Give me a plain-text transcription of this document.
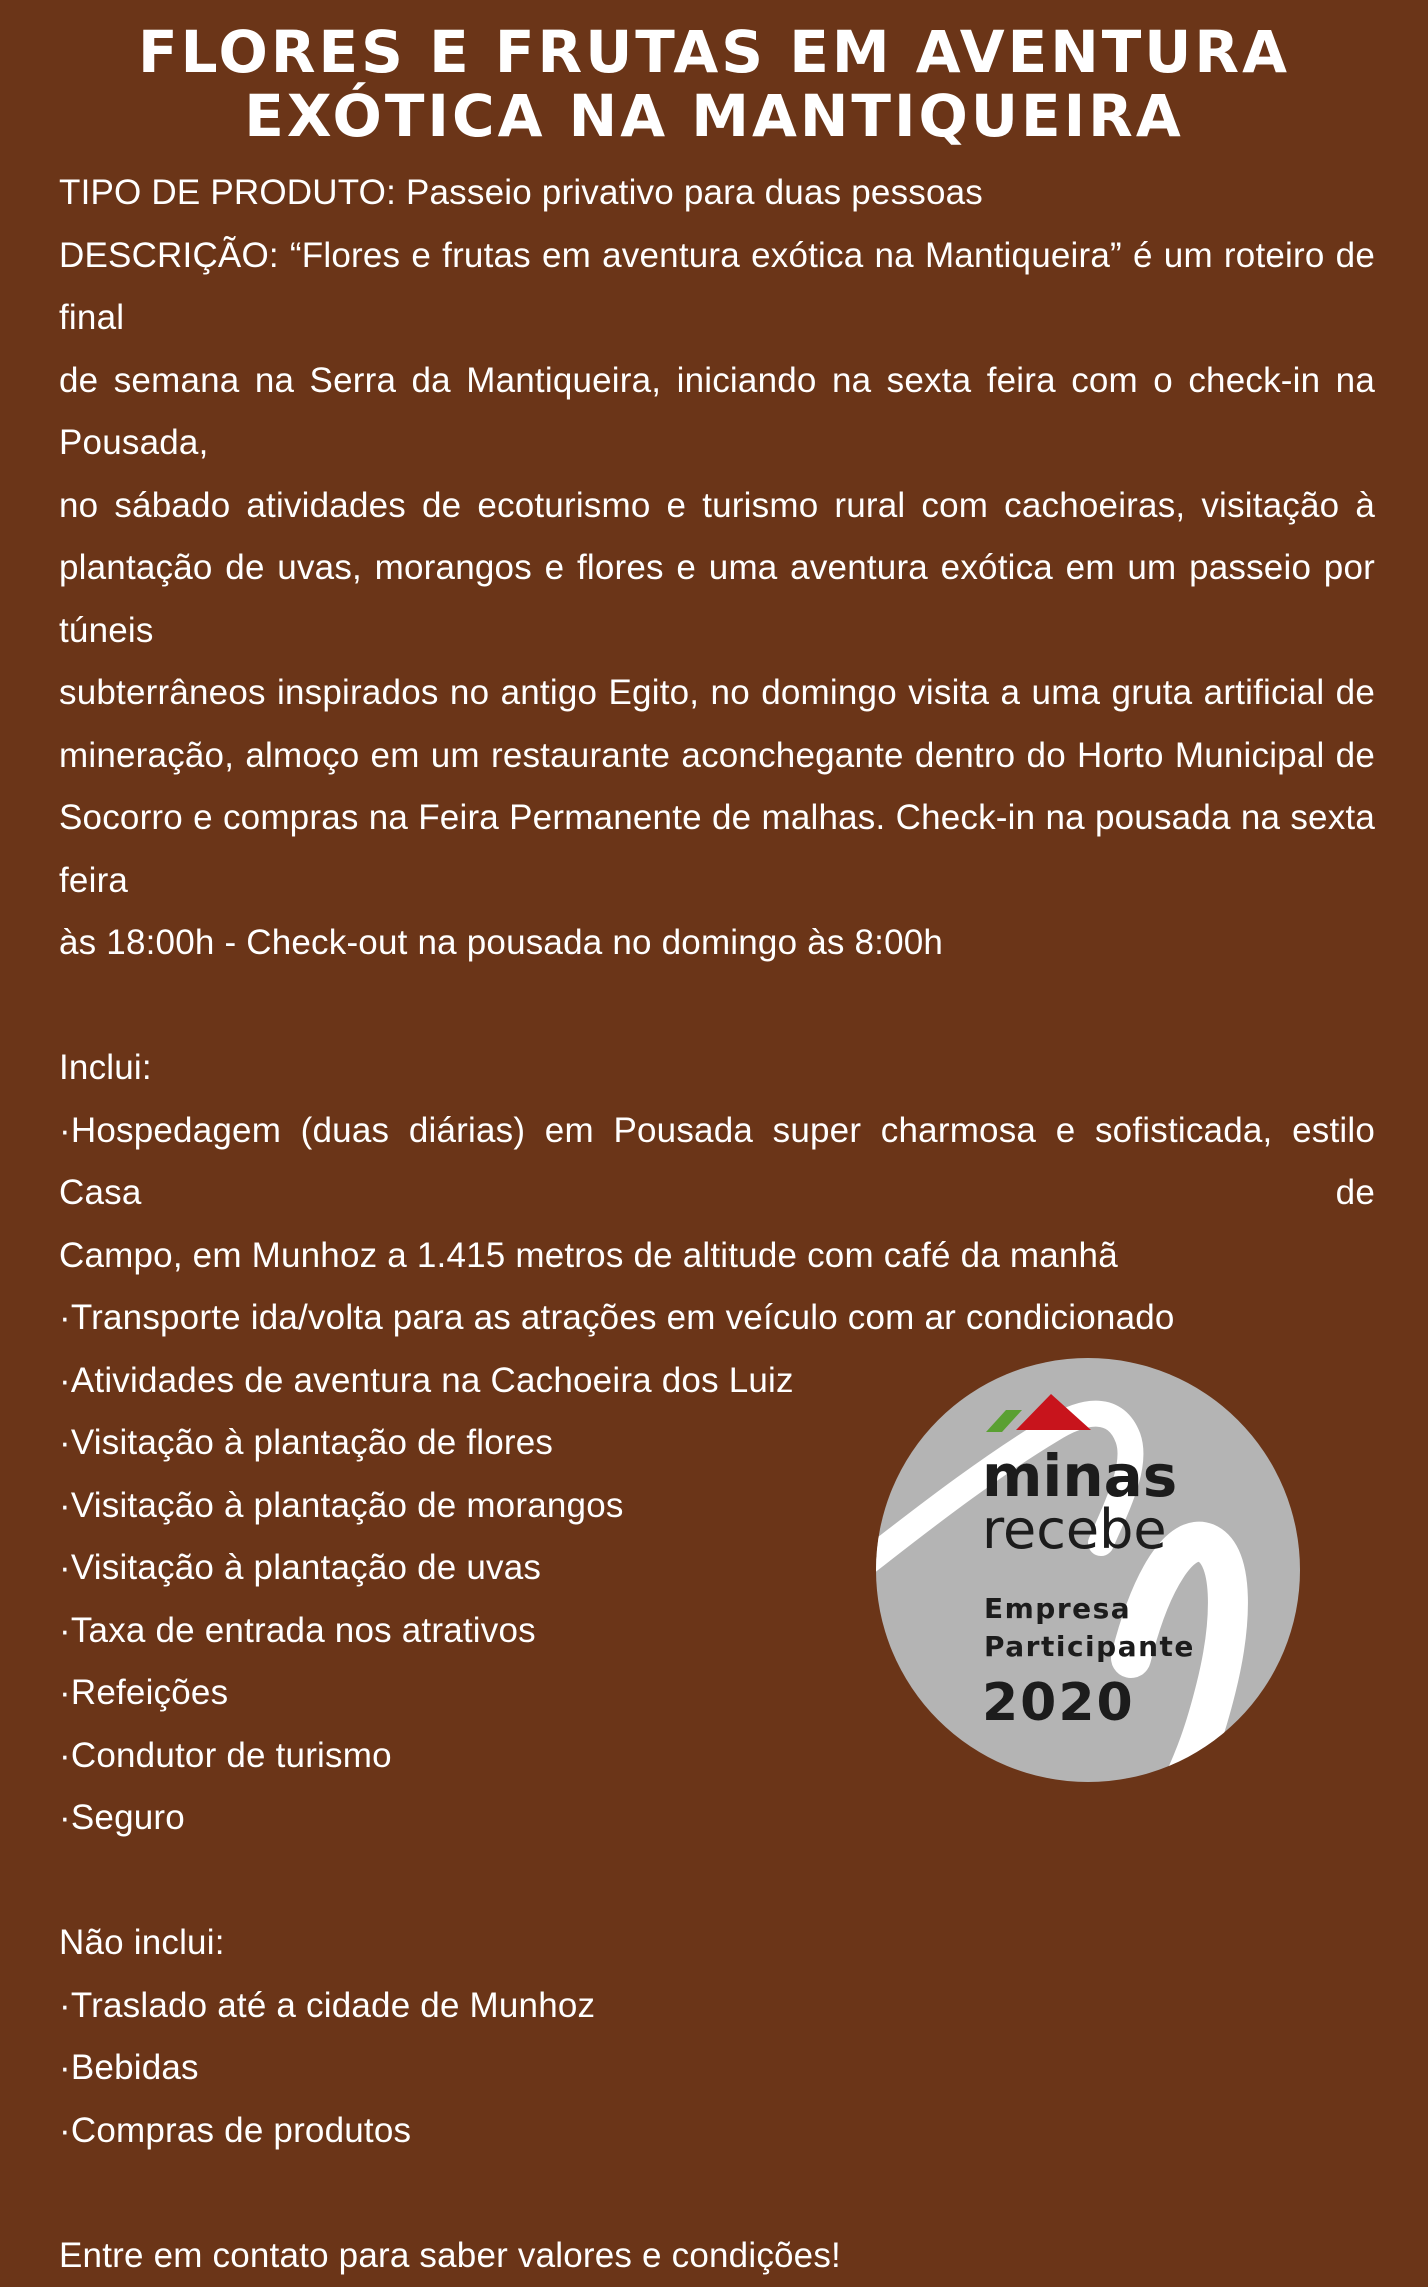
FLORES E FRUTAS EM AVENTURA
EXÓTICA NA MANTIQUEIRA
TIPO DE PRODUTO: Passeio privativo para duas pessoas
DESCRIÇÃO: “Flores e frutas em aventura exótica na Mantiqueira” é um roteiro de final
de semana na Serra da Mantiqueira, iniciando na sexta feira com o check-in na Pousada,
no sábado atividades de ecoturismo e turismo rural com cachoeiras, visitação à
plantação de uvas, morangos e flores e uma aventura exótica em um passeio por túneis
subterrâneos inspirados no antigo Egito, no domingo visita a uma gruta artificial de
mineração, almoço em um restaurante aconchegante dentro do Horto Municipal de
Socorro e compras na Feira Permanente de malhas. Check-in na pousada na sexta feira
às 18:00h - Check-out na pousada no domingo às 8:00h
Inclui:
·Hospedagem (duas diárias) em Pousada super charmosa e sofisticada, estilo Casa de
Campo, em Munhoz a 1.415 metros de altitude com café da manhã
·Transporte ida/volta para as atrações em veículo com ar condicionado
·Atividades de aventura na Cachoeira dos Luiz
·Visitação à plantação de flores
·Visitação à plantação de morangos
·Visitação à plantação de uvas
·Taxa de entrada nos atrativos
·Refeições
·Condutor de turismo
·Seguro
Não inclui:
·Traslado até a cidade de Munhoz
·Bebidas
·Compras de produtos
Entre em contato para saber valores e condições!
minas
recebe
Empresa
Participante
2020
